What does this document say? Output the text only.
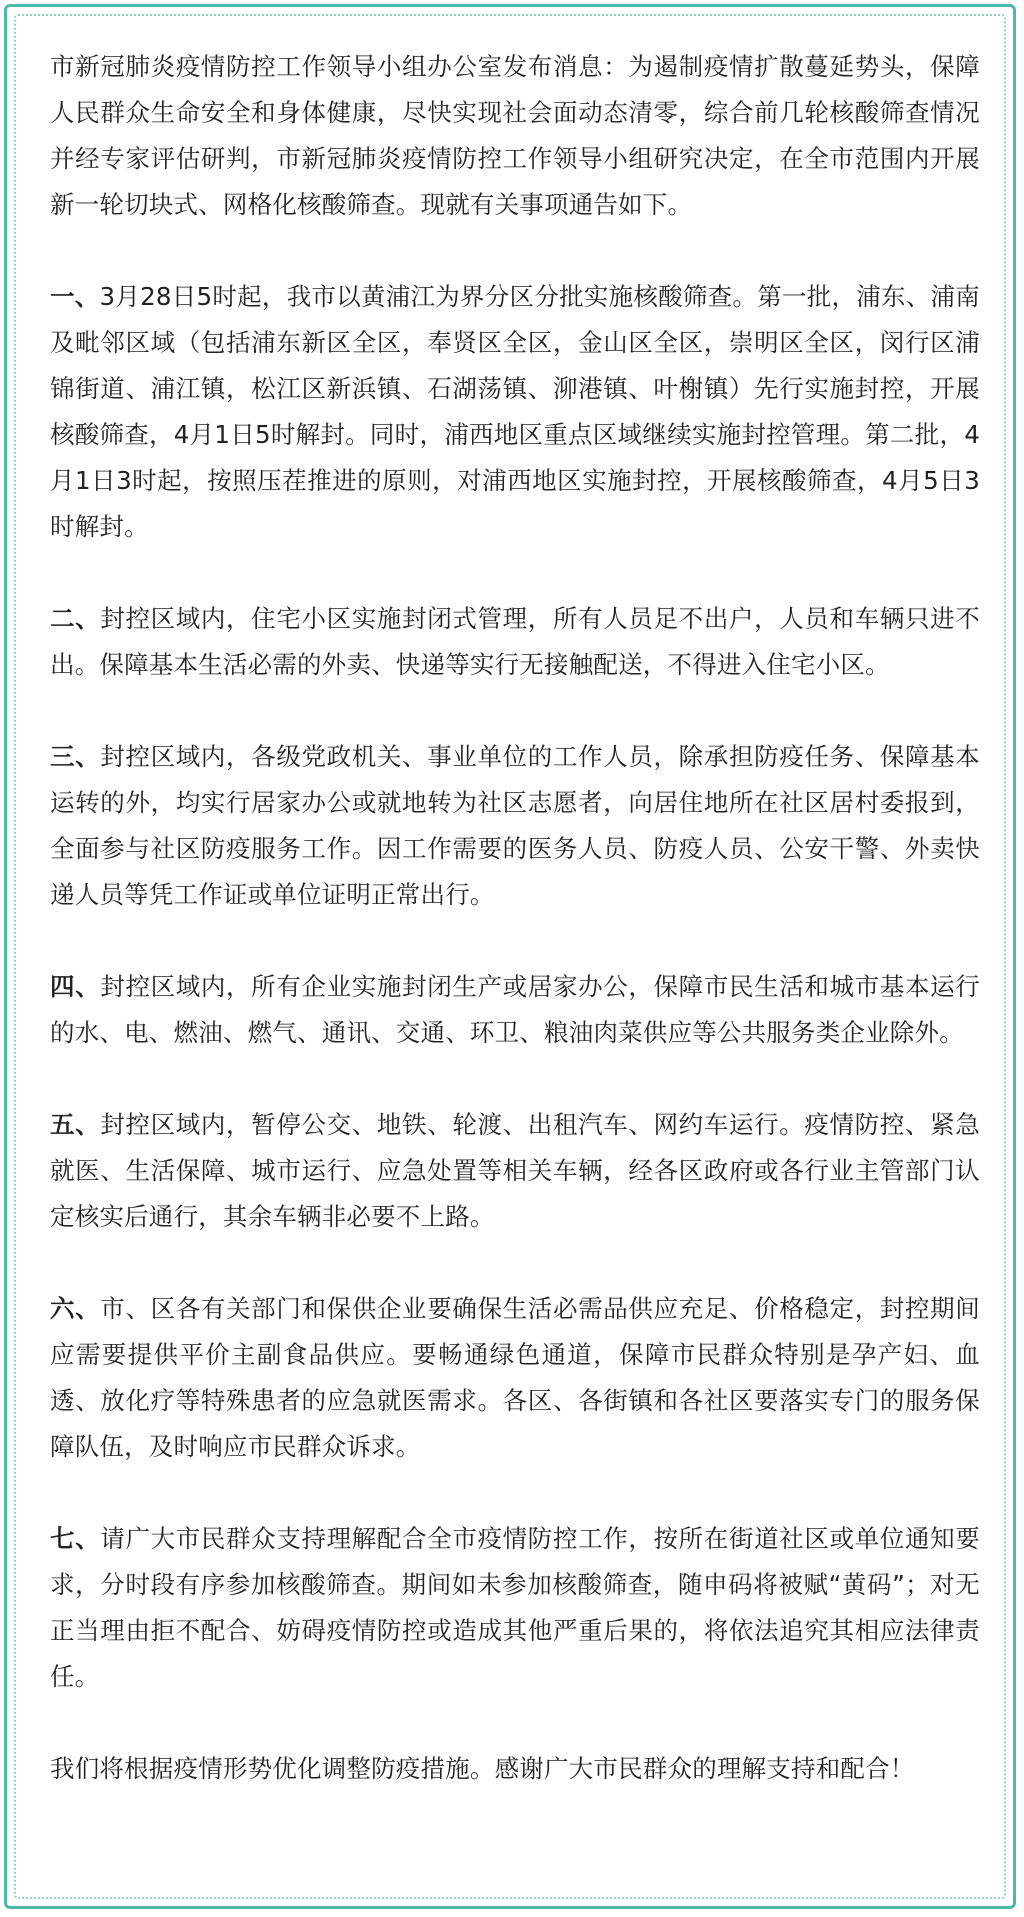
市新冠肺炎疫情防控工作领导小组办公室发布消息：为遏制疫情扩散蔓延势头，保障人民群众生命安全和身体健康，尽快实现社会面动态清零，综合前几轮核酸筛查情况并经专家评估研判，市新冠肺炎疫情防控工作领导小组研究决定，在全市范围内开展新一轮切块式、网格化核酸筛查。现就有关事项通告如下。

一、3月28日5时起，我市以黄浦江为界分区分批实施核酸筛查。第一批，浦东、浦南及毗邻区域（包括浦东新区全区，奉贤区全区，金山区全区，崇明区全区，闵行区浦锦街道、浦江镇，松江区新浜镇、石湖荡镇、泖港镇、叶榭镇）先行实施封控，开展核酸筛查，4月1日5时解封。同时，浦西地区重点区域继续实施封控管理。第二批，4月1日3时起，按照压茬推进的原则，对浦西地区实施封控，开展核酸筛查，4月5日3时解封。

二、封控区域内，住宅小区实施封闭式管理，所有人员足不出户，人员和车辆只进不出。保障基本生活必需的外卖、快递等实行无接触配送，不得进入住宅小区。

三、封控区域内，各级党政机关、事业单位的工作人员，除承担防疫任务、保障基本运转的外，均实行居家办公或就地转为社区志愿者，向居住地所在社区居村委报到，全面参与社区防疫服务工作。因工作需要的医务人员、防疫人员、公安干警、外卖快递人员等凭工作证或单位证明正常出行。

四、封控区域内，所有企业实施封闭生产或居家办公，保障市民生活和城市基本运行的水、电、燃油、燃气、通讯、交通、环卫、粮油肉菜供应等公共服务类企业除外。

五、封控区域内，暂停公交、地铁、轮渡、出租汽车、网约车运行。疫情防控、紧急就医、生活保障、城市运行、应急处置等相关车辆，经各区政府或各行业主管部门认定核实后通行，其余车辆非必要不上路。

六、市、区各有关部门和保供企业要确保生活必需品供应充足、价格稳定，封控期间应需要提供平价主副食品供应。要畅通绿色通道，保障市民群众特别是孕产妇、血透、放化疗等特殊患者的应急就医需求。各区、各街镇和各社区要落实专门的服务保障队伍，及时响应市民群众诉求。

七、请广大市民群众支持理解配合全市疫情防控工作，按所在街道社区或单位通知要求，分时段有序参加核酸筛查。期间如未参加核酸筛查，随申码将被赋“黄码”；对无正当理由拒不配合、妨碍疫情防控或造成其他严重后果的，将依法追究其相应法律责任。

我们将根据疫情形势优化调整防疫措施。感谢广大市民群众的理解支持和配合！
